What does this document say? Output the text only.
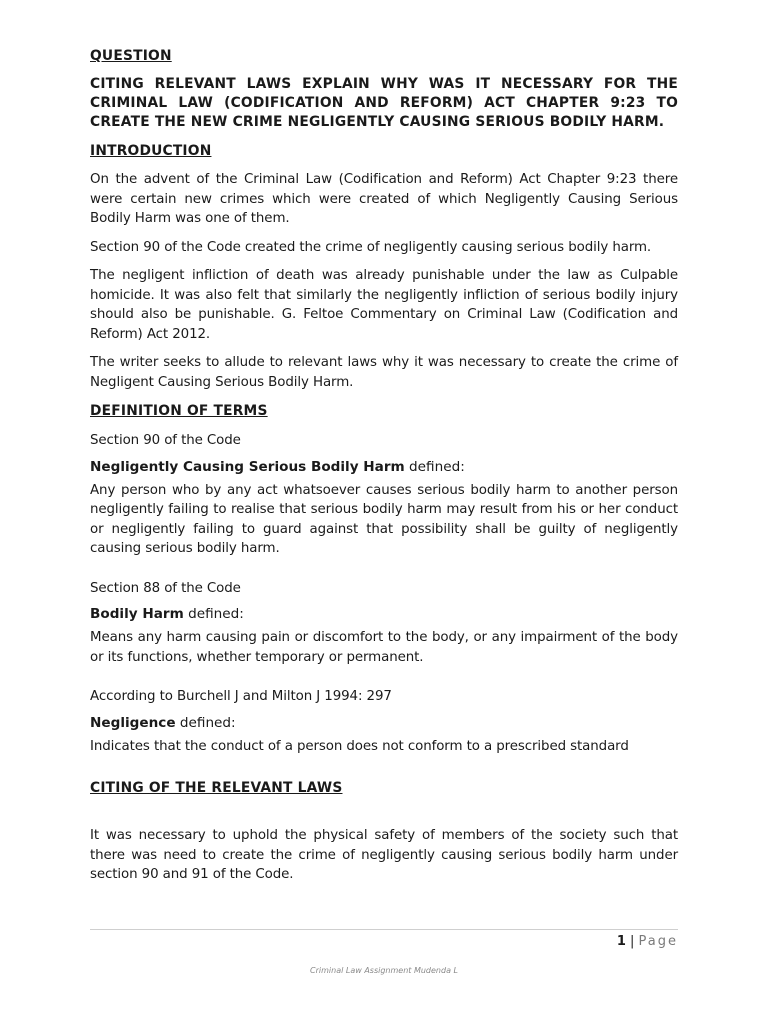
QUESTION

CITING RELEVANT LAWS EXPLAIN WHY WAS IT NECESSARY FOR THE CRIMINAL LAW (CODIFICATION AND REFORM) ACT CHAPTER 9:23 TO CREATE THE NEW CRIME NEGLIGENTLY CAUSING SERIOUS BODILY HARM.

INTRODUCTION

On the advent of the Criminal Law (Codification and Reform) Act Chapter 9:23 there were certain new crimes which were created of which Negligently Causing Serious Bodily Harm was one of them.

Section 90 of the Code created the crime of negligently causing serious bodily harm.

The negligent infliction of death was already punishable under the law as Culpable homicide. It was also felt that similarly the negligently infliction of serious bodily injury should also be punishable. G. Feltoe Commentary on Criminal Law (Codification and Reform) Act 2012.

The writer seeks to allude to relevant laws why it was necessary to create the crime of Negligent Causing Serious Bodily Harm.

DEFINITION OF TERMS

Section 90 of the Code

Negligently Causing Serious Bodily Harm defined:

Any person who by any act whatsoever causes serious bodily harm to another person negligently failing to realise that serious bodily harm may result from his or her conduct or negligently failing to guard against that possibility shall be guilty of negligently causing serious bodily harm.

Section 88 of the Code

Bodily Harm defined:

Means any harm causing pain or discomfort to the body, or any impairment of the body or its functions, whether temporary or permanent.

According to Burchell J and Milton J 1994: 297

Negligence defined:

Indicates that the conduct of a person does not conform to a prescribed standard

CITING OF THE RELEVANT LAWS

It was necessary to uphold the physical safety of members of the society such that there was need to create the crime of negligently causing serious bodily harm under section 90 and 91 of the Code.

1 | Page
Criminal Law Assignment Mudenda L
